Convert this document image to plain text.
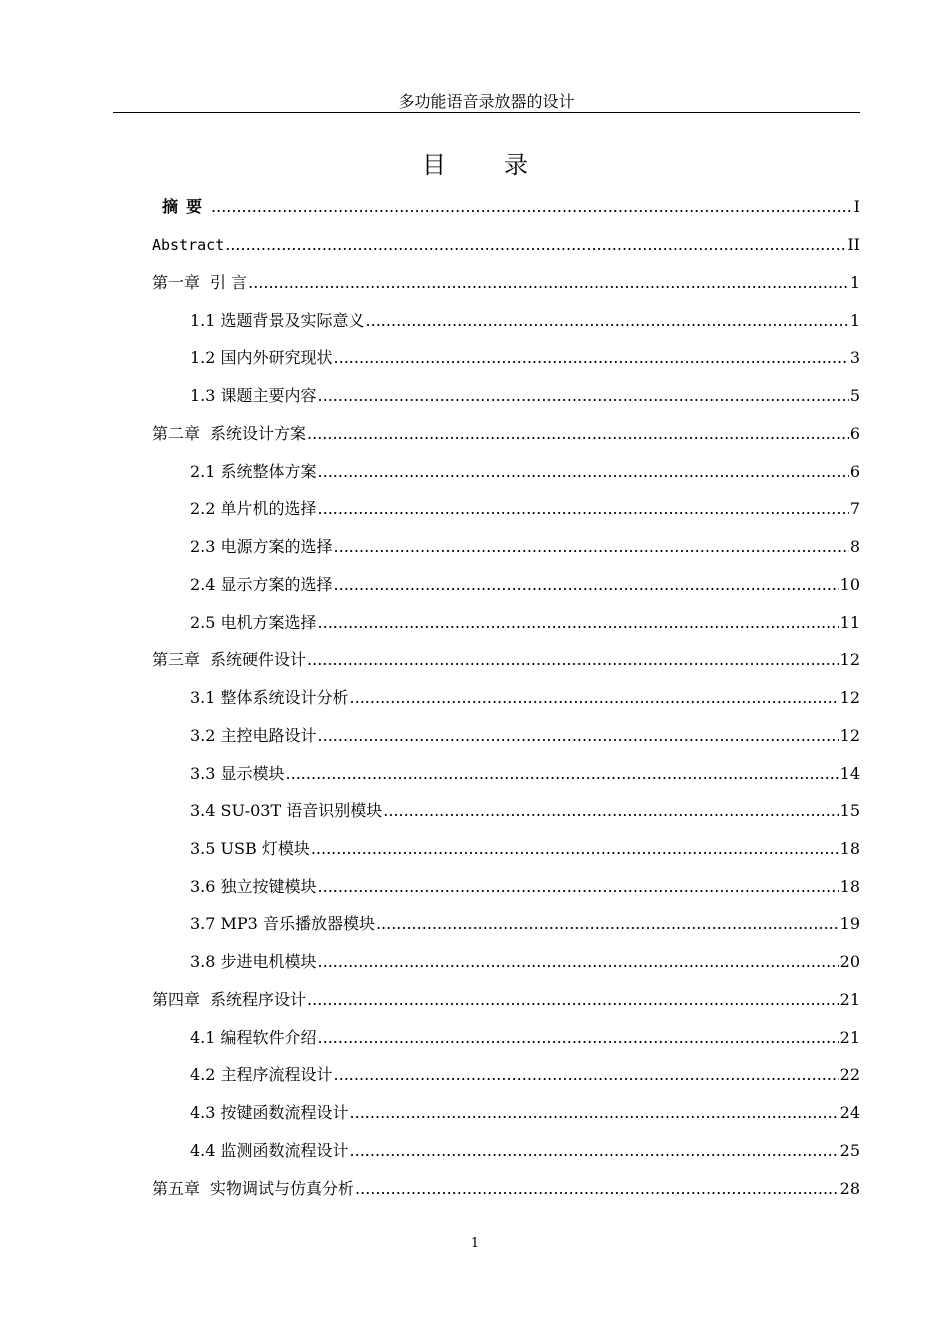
多功能语音录放器的设计
目 录
摘要 .....	I
Abstract .....	II
第一章 引 言 .....	1
1.1 选题背景及实际意义 .....	1
1.2 国内外研究现状 .....	3
1.3 课题主要内容 .....	5
第二章 系统设计方案 .....	6
2.1 系统整体方案 .....	6
2.2 单片机的选择 .....	7
2.3 电源方案的选择 .....	8
2.4 显示方案的选择 .....	10
2.5 电机方案选择 .....	11
第三章 系统硬件设计 .....	12
3.1 整体系统设计分析 .....	12
3.2 主控电路设计 .....	12
3.3 显示模块 .....	14
3.4 SU-03T 语音识别模块 .....	15
3.5 USB 灯模块 .....	18
3.6 独立按键模块 .....	18
3.7 MP3 音乐播放器模块 .....	19
3.8 步进电机模块 .....	20
第四章 系统程序设计 .....	21
4.1 编程软件介绍 .....	21
4.2 主程序流程设计 .....	22
4.3 按键函数流程设计 .....	24
4.4 监测函数流程设计 .....	25
第五章 实物调试与仿真分析 .....	28
1
